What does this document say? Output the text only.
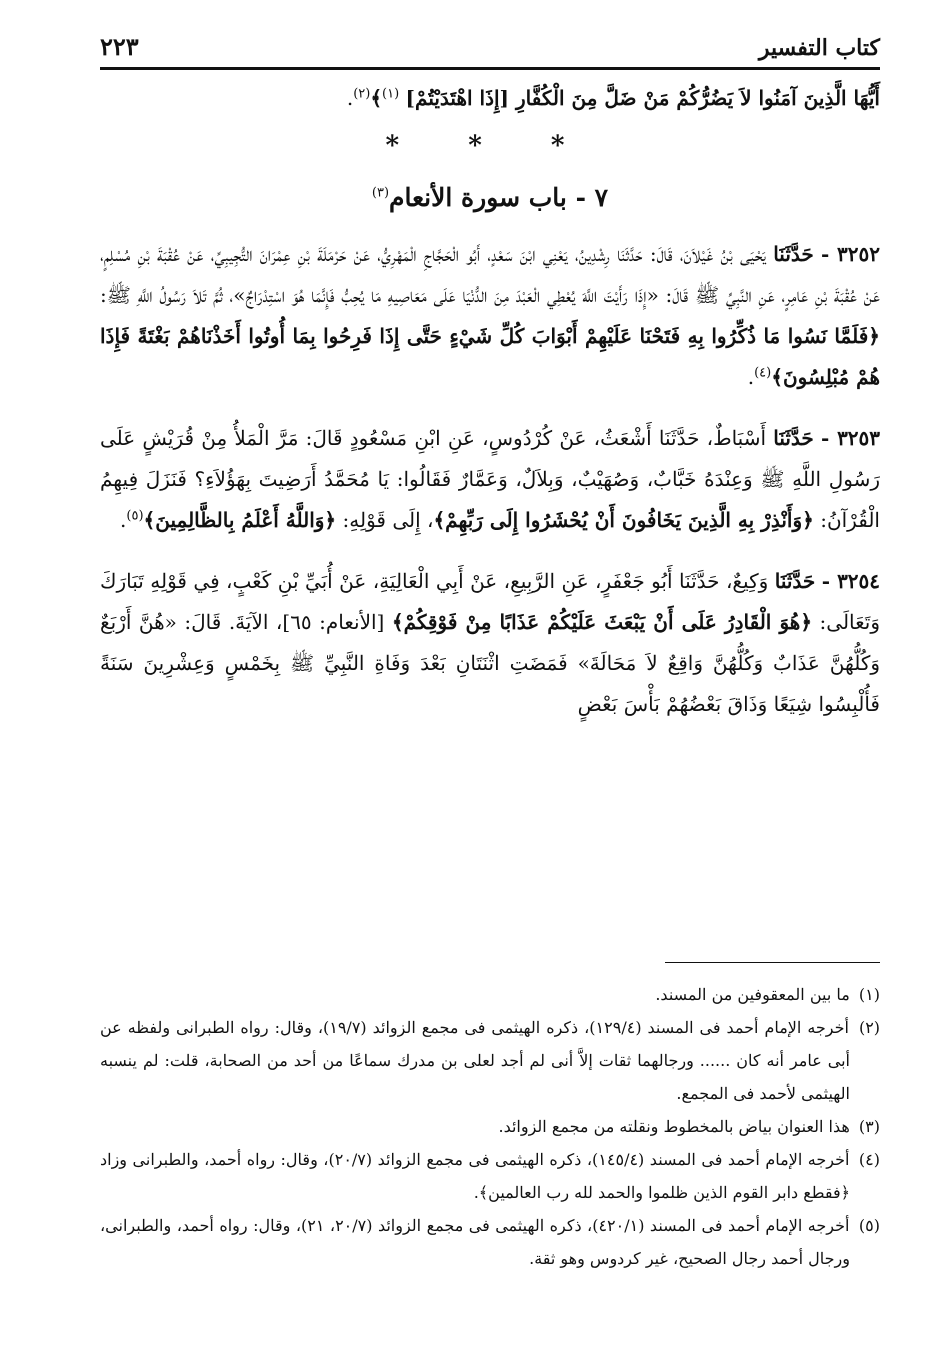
كتاب التفسير
٢٢٣
أَيُّهَا الَّذِينَ آمَنُوا لاَ يَضُرُّكُمْ مَنْ ضَلَّ مِنَ الْكُفَّارِ [إِذَا اهْتَدَيْتُمْ] $^{(١)}$﴾$^{(٢)}$.
* * *
٧ - باب سورة الأنعام$^{(٣)}$

٣٢٥٢ - حَدَّثَنَا يَحْيَى بْنُ غَيْلاَنَ، قَالَ: حَدَّثَنَا رِشْدِينُ، يَعْنِي ابْنَ سَعْدٍ، أَبُو الْحَجَّاجِ الْمَهْرِيُّ، عَنْ حَرْمَلَةَ بْنِ عِمْرَانَ التُّجِيبِيِّ، عَنْ عُقْبَةَ بْنِ مُسْلِمٍ، عَنْ عُقْبَةَ بْنِ عَامِرٍ، عَنِ النَّبِيِّ ﷺ قَالَ: «إِذَا رَأَيْتَ اللَّهَ يُعْطِي الْعَبْدَ مِنَ الدُّنْيَا عَلَى مَعَاصِيهِ مَا يُحِبُّ فَإِنَّمَا هُوَ اسْتِدْرَاجٌ»، ثُمَّ تَلاَ رَسُولُ اللَّهِ ﷺ: ﴿فَلَمَّا نَسُوا مَا ذُكِّرُوا بِهِ فَتَحْنَا عَلَيْهِمْ أَبْوَابَ كُلِّ شَيْءٍ حَتَّى إِذَا فَرِحُوا بِمَا أُوتُوا أَخَذْنَاهُمْ بَغْتَةً فَإِذَا هُمْ مُبْلِسُونَ﴾$^{(٤)}$.

٣٢٥٣ - حَدَّثَنَا أَسْبَاطٌ، حَدَّثَنَا أَشْعَثُ، عَنْ كُرْدُوسٍ، عَنِ ابْنِ مَسْعُودٍ قَالَ: مَرَّ الْمَلأُ مِنْ قُرَيْشٍ عَلَى رَسُولِ اللَّهِ ﷺ وَعِنْدَهُ خَبَّابٌ، وَصُهَيْبٌ، وَبِلاَلٌ، وَعَمَّارٌ فَقَالُوا: يَا مُحَمَّدُ أَرَضِيتَ بِهَؤُلاَءِ؟ فَنَزَلَ فِيهِمُ الْقُرْآنُ: ﴿وَأَنْذِرْ بِهِ الَّذِينَ يَخَافُونَ أَنْ يُحْشَرُوا إِلَى رَبِّهِمْ﴾، إِلَى قَوْلِهِ: ﴿وَاللَّهُ أَعْلَمُ بِالظَّالِمِينَ﴾$^{(٥)}$.

٣٢٥٤ - حَدَّثَنَا وَكِيعٌ، حَدَّثَنَا أَبُو جَعْفَرٍ، عَنِ الرَّبِيعِ، عَنْ أَبِي الْعَالِيَةِ، عَنْ أُبَيِّ بْنِ كَعْبٍ، فِي قَوْلِهِ تَبَارَكَ وَتَعَالَى: ﴿هُوَ الْقَادِرُ عَلَى أَنْ يَبْعَثَ عَلَيْكُمْ عَذَابًا مِنْ فَوْقِكُمْ﴾ [الأنعام: ٦٥]، الآيَةَ. قَالَ: «هُنَّ أَرْبَعٌ وَكُلُّهُنَّ عَذَابٌ وَكُلُّهُنَّ وَاقِعٌ لاَ مَحَالَةَ» فَمَضَتِ اثْنَتَانِ بَعْدَ وَفَاةِ النَّبِيِّ ﷺ بِخَمْسٍ وَعِشْرِينَ سَنَةً فَأُلْبِسُوا شِيَعًا وَذَاقَ بَعْضُهُمْ بَأْسَ بَعْضٍ

(١) ما بين المعقوفين من المسند.

(٢) أخرجه الإمام أحمد فى المسند (١٢٩/٤)، ذكره الهيثمى فى مجمع الزوائد (١٩/٧)، وقال: رواه الطبرانى ولفظه عن أبى عامر أنه كان ...... ورجالهما ثقات إلاَّ أنى لم أجد لعلى بن مدرك سماعًا من أحد من الصحابة، قلت: لم ينسبه الهيثمى لأحمد فى المجمع.

(٣) هذا العنوان بياض بالمخطوط ونقلته من مجمع الزوائد.

(٤) أخرجه الإمام أحمد فى المسند (١٤٥/٤)، ذكره الهيثمى فى مجمع الزوائد (٢٠/٧)، وقال: رواه أحمد، والطبرانى وزاد ﴿فقطع دابر القوم الذين ظلموا والحمد لله رب العالمين﴾.

(٥) أخرجه الإمام أحمد فى المسند (٤٢٠/١)، ذكره الهيثمى فى مجمع الزوائد (٢٠/٧، ٢١)، وقال: رواه أحمد، والطبرانى، ورجال أحمد رجال الصحيح، غير كردوس وهو ثقة.
